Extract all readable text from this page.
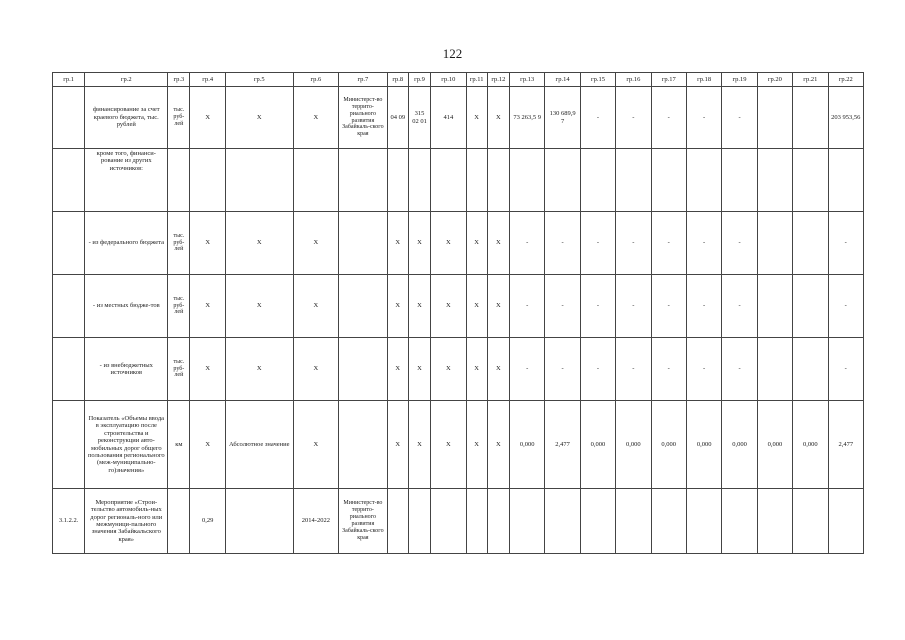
122
гр.1	гр.2	гр.3	гр.4	гр.5	гр.6	гр.7	гр.8	гр.9	гр.10	гр.11	гр.12	гр.13	гр.14	гр.15	гр.16	гр.17	гр.18	гр.19	гр.20	гр.21	гр.22
	финансирование за счет краевого бюджета, тыс. рублей	тыс. руб-лей	Х	Х	Х	Министерст-во террито-риального развития Забайкаль-ского края	04 09	315 02 01	414	Х	Х	73 263,5 9	130 689,9 7	-	-	-	-	-			203 953,56
	кроме того, финанси-рование из других источников:																				
	- из федерального бюджета	тыс. руб-лей	Х	Х	Х		Х	Х	Х	Х	Х	-	-	-	-	-	-	-			-
	- из местных бюдже-тов	тыс. руб-лей	Х	Х	Х		Х	Х	Х	Х	Х	-	-	-	-	-	-	-			-
	- из внебюджетных источников	тыс. руб-лей	Х	Х	Х		Х	Х	Х	Х	Х	-	-	-	-	-	-	-			-
	Показатель «Объемы ввода в эксплуатацию после строительства и реконструкции авто-мобильных дорог общего пользования регионального (меж-муниципально-го)значения»	км	Х	Абсолютное значение	Х		Х	Х	Х	Х	Х	0,000	2,477	0,000	0,000	0,000	0,000	0,000	0,000	0,000	2,477
3.1.2.2.	Мероприятие «Строи-тельство автомобиль-ных дорог региональ-ного или межмуници-пального значения Забайкальского края»		0,29		2014-2022	Министерст-во террито-риального развития Забайкаль-ского края															
